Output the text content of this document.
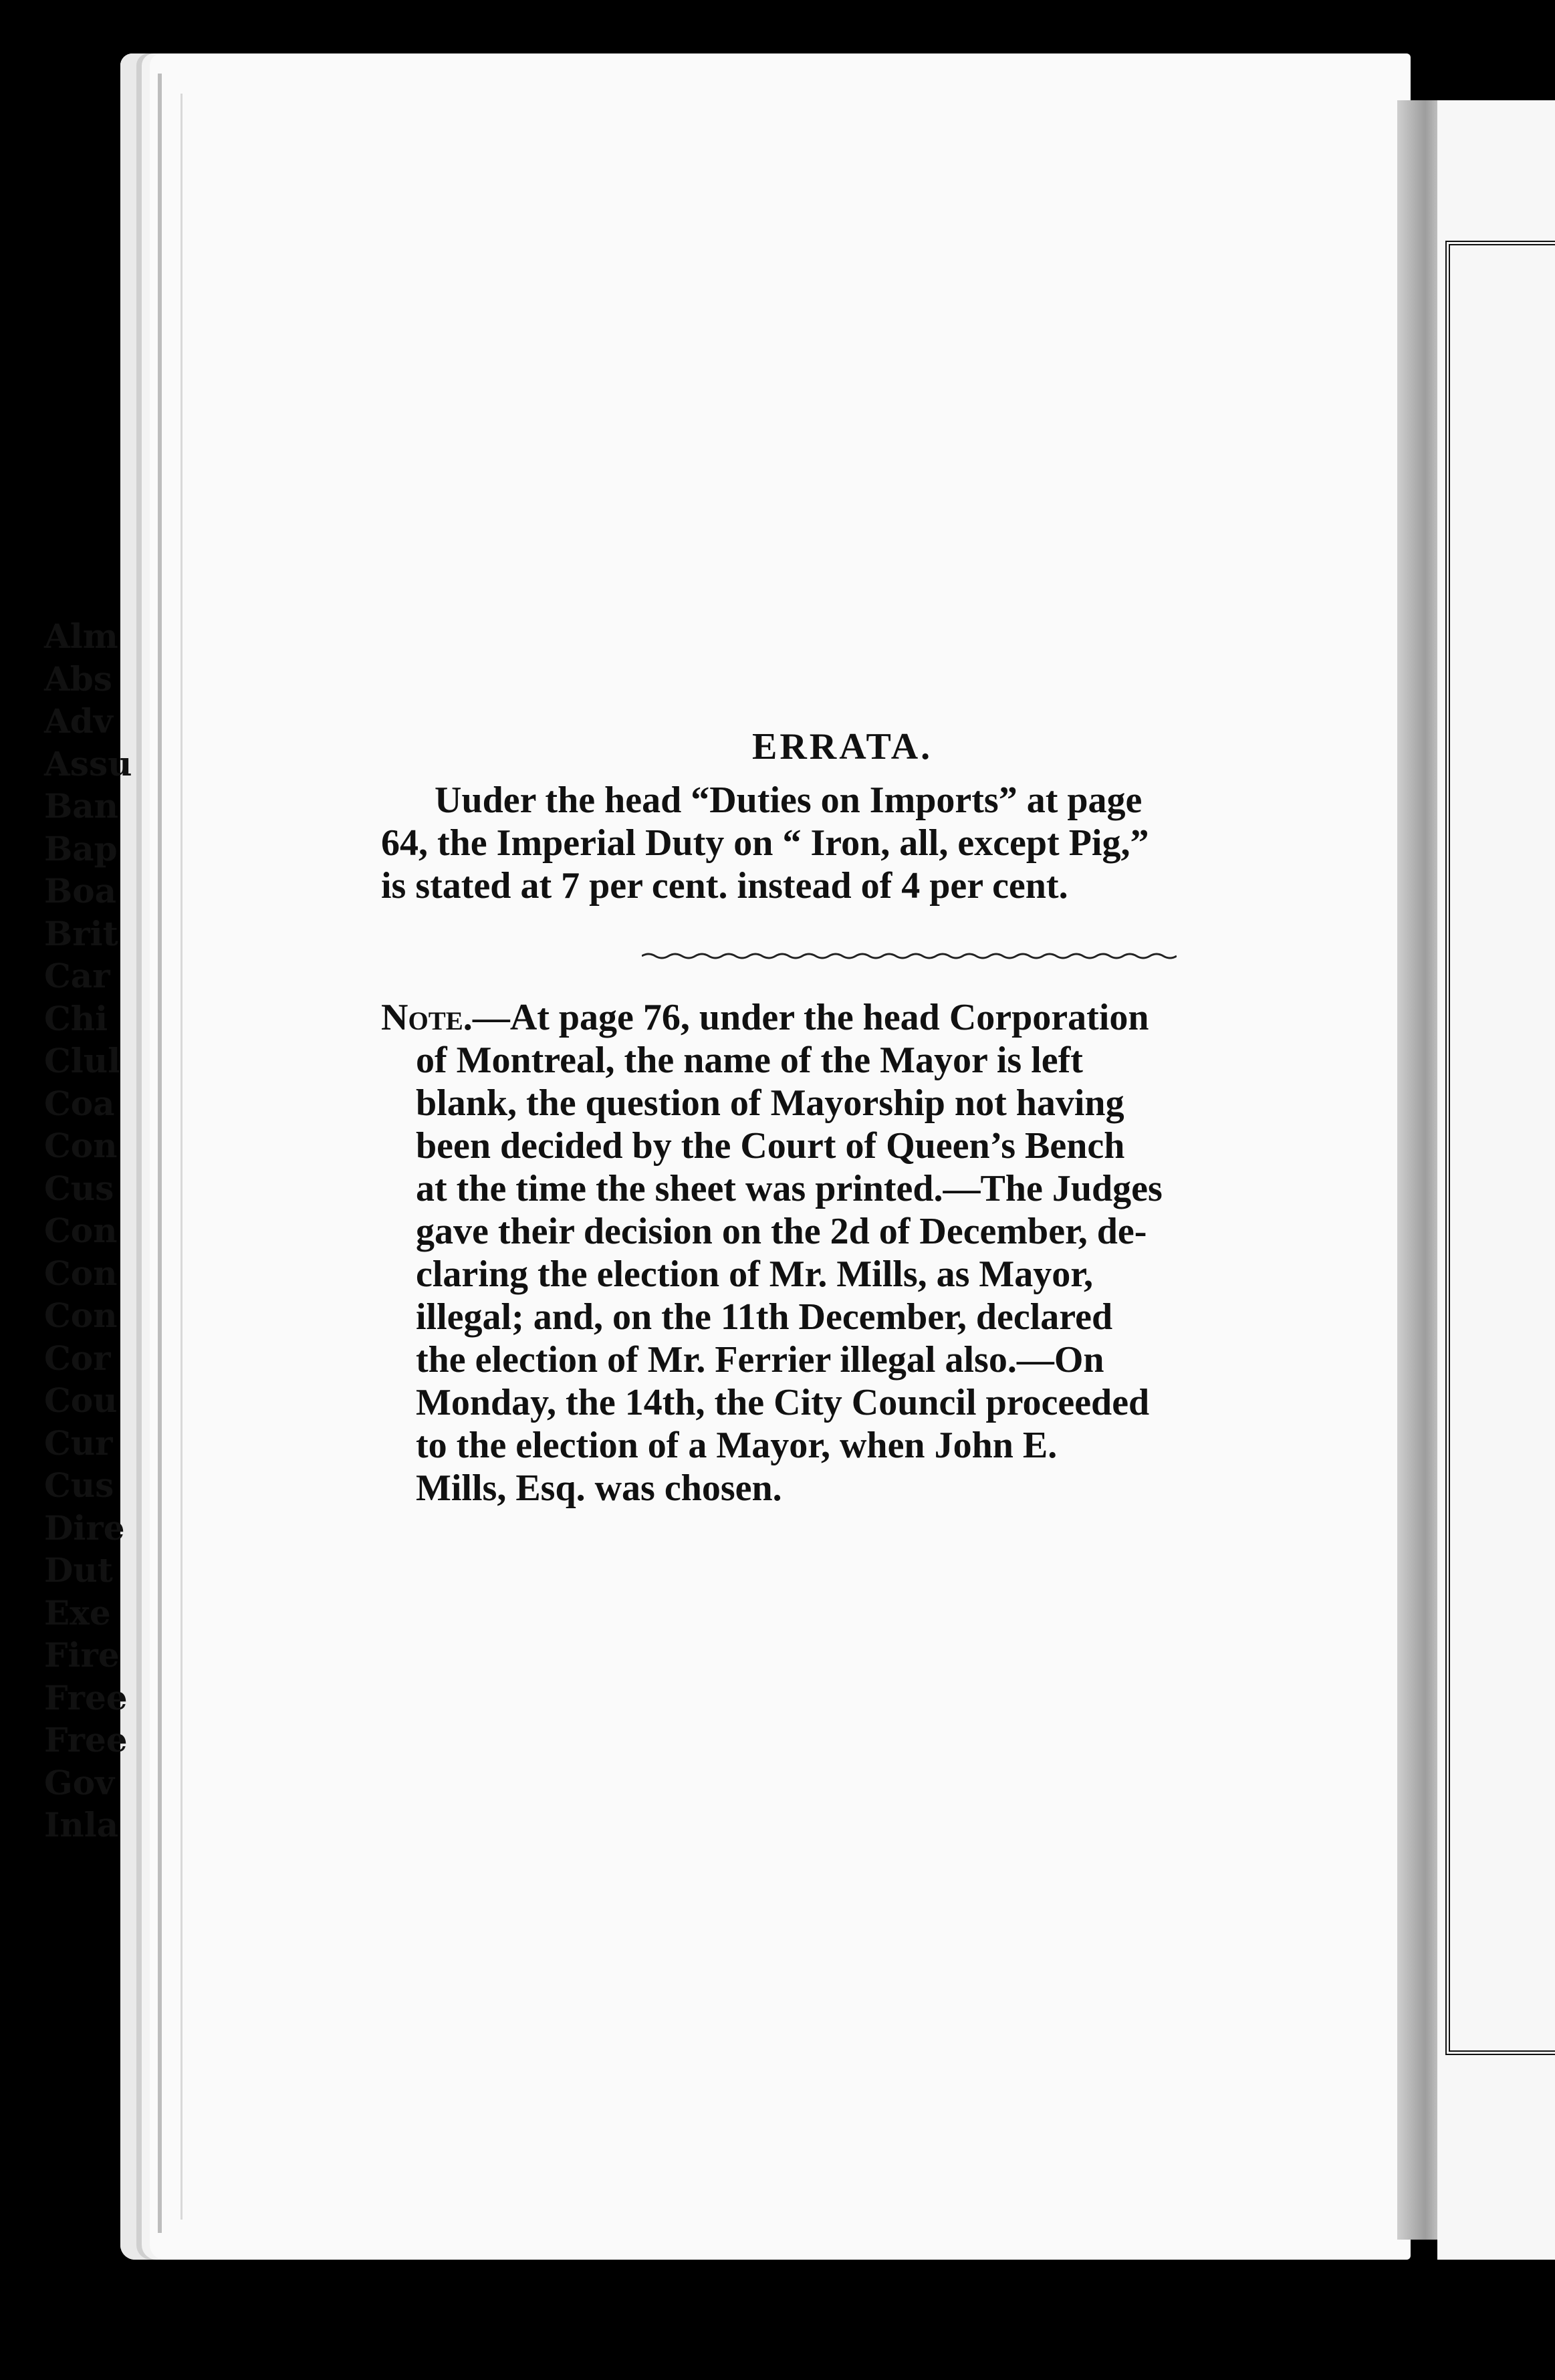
Alm
Abs
Adv
Assu
Ban
Bap
Boa
Brit
Car
Chi
Clul
Coa
Con
Cus
Con
Con
Con
Cor
Cou
Cur
Cus
Dire
Dut
Exe
Fire
Free
Free
Gov
Inla
ERRATA.
Uuder the head “Duties on Imports” at page
64, the Imperial Duty on “ Iron, all, except Pig,”
is stated at 7 per cent. instead of 4 per cent.
Note.—At page 76, under the head Corporation
of Montreal, the name of the Mayor is left
blank, the question of Mayorship not having
been decided by the Court of Queen’s Bench
at the time the sheet was printed.—The Judges
gave their decision on the 2d of December, de-
claring the election of Mr. Mills, as Mayor,
illegal; and, on the 11th December, declared
the election of Mr. Ferrier illegal also.—On
Monday, the 14th, the City Council proceeded
to the election of a Mayor, when John E.
Mills, Esq. was chosen.
